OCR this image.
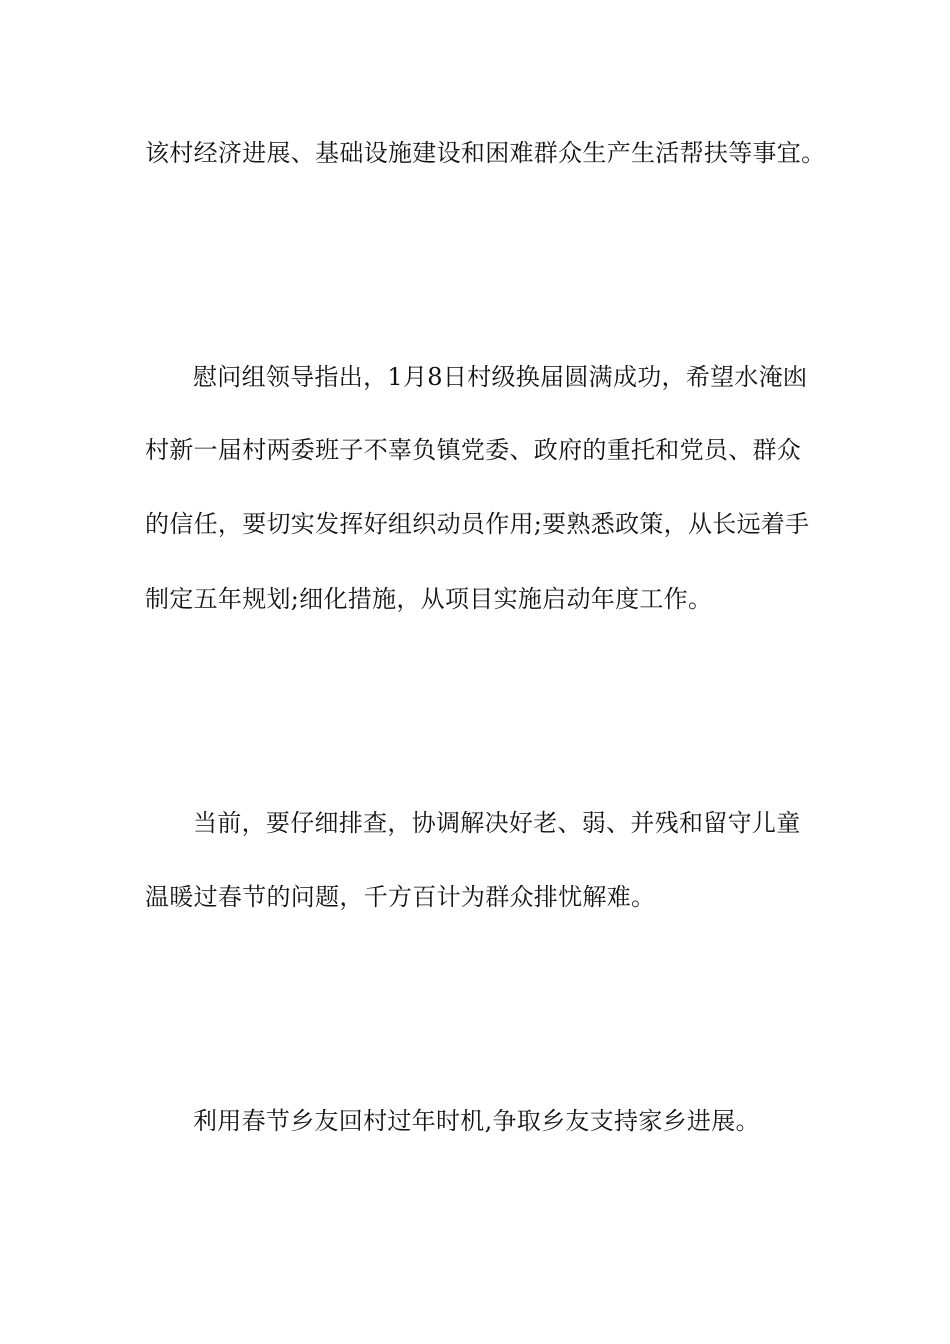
该村经济进展、基础设施建设和困难群众生产生活帮扶等事宜。
慰问组领导指出，1月8日村级换届圆满成功，希望水淹凼
村新一届村两委班子不辜负镇党委、政府的重托和党员、群众
的信任，要切实发挥好组织动员作用;要熟悉政策，从长远着手
制定五年规划;细化措施，从项目实施启动年度工作。
当前，要仔细排查，协调解决好老、弱、并残和留守儿童
温暖过春节的问题，千方百计为群众排忧解难。
利用春节乡友回村过年时机,争取乡友支持家乡进展。
